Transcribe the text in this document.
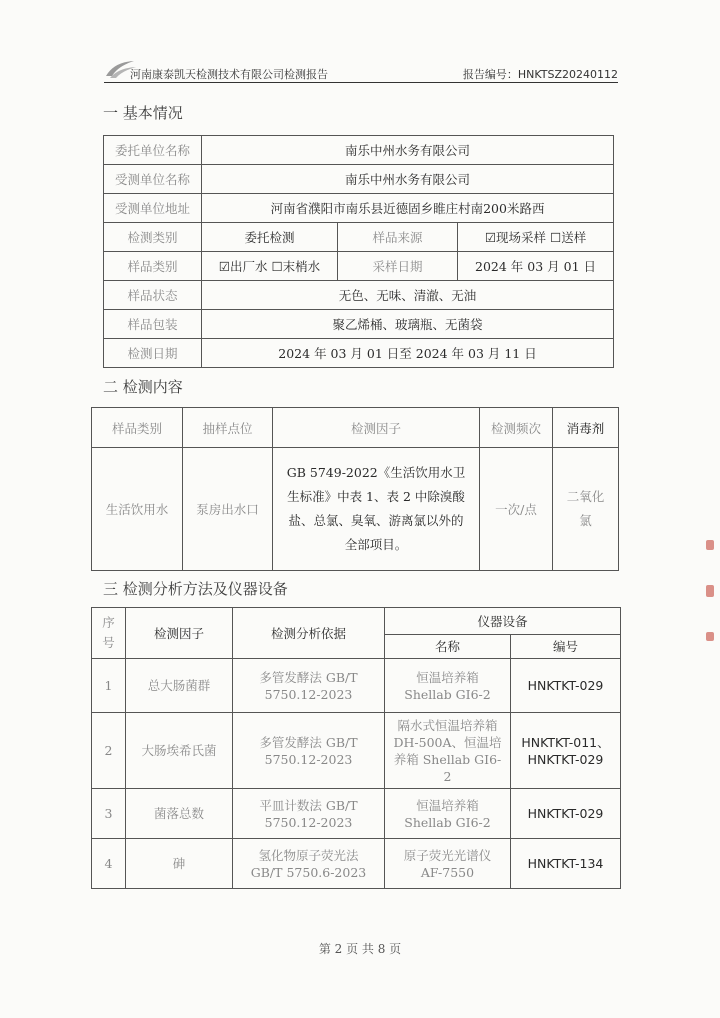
河南康泰凯天检测技术有限公司检测报告	报告编号：HNKTSZ20240112
一 基本情况
委托单位名称	南乐中州水务有限公司		
受测单位名称	南乐中州水务有限公司		
受测单位地址	河南省濮阳市南乐县近德固乡睢庄村南200米路西		
检测类别	委托检测	样品来源	☑现场采样 ☐送样
样品类别	☑出厂水 ☐末梢水	采样日期	2024 年 03 月 01 日
样品状态	无色、无味、清澈、无油		
样品包装	聚乙烯桶、玻璃瓶、无菌袋		
检测日期	2024 年 03 月 01 日至 2024 年 03 月 11 日		
二 检测内容
样品类别	抽样点位	检测因子	检测频次	消毒剂
生活饮用水	泵房出水口	GB 5749-2022《生活饮用水卫生标准》中表 1、表 2 中除溴酸盐、总氯、臭氧、游离氯以外的全部项目。	一次/点	二氧化氯
三 检测分析方法及仪器设备
序号	检测因子	检测分析依据	仪器设备	
			名称	编号
1	总大肠菌群	多管发酵法 GB/T 5750.12-2023	恒温培养箱 Shellab GI6-2	HNKTKT-029
2	大肠埃希氏菌	多管发酵法 GB/T 5750.12-2023	隔水式恒温培养箱 DH-500A、恒温培养箱 Shellab GI6-2	HNKTKT-011、HNKTKT-029
3	菌落总数	平皿计数法 GB/T 5750.12-2023	恒温培养箱 Shellab GI6-2	HNKTKT-029
4	砷	氢化物原子荧光法 GB/T 5750.6-2023	原子荧光光谱仪 AF-7550	HNKTKT-134
第 2 页 共 8 页
